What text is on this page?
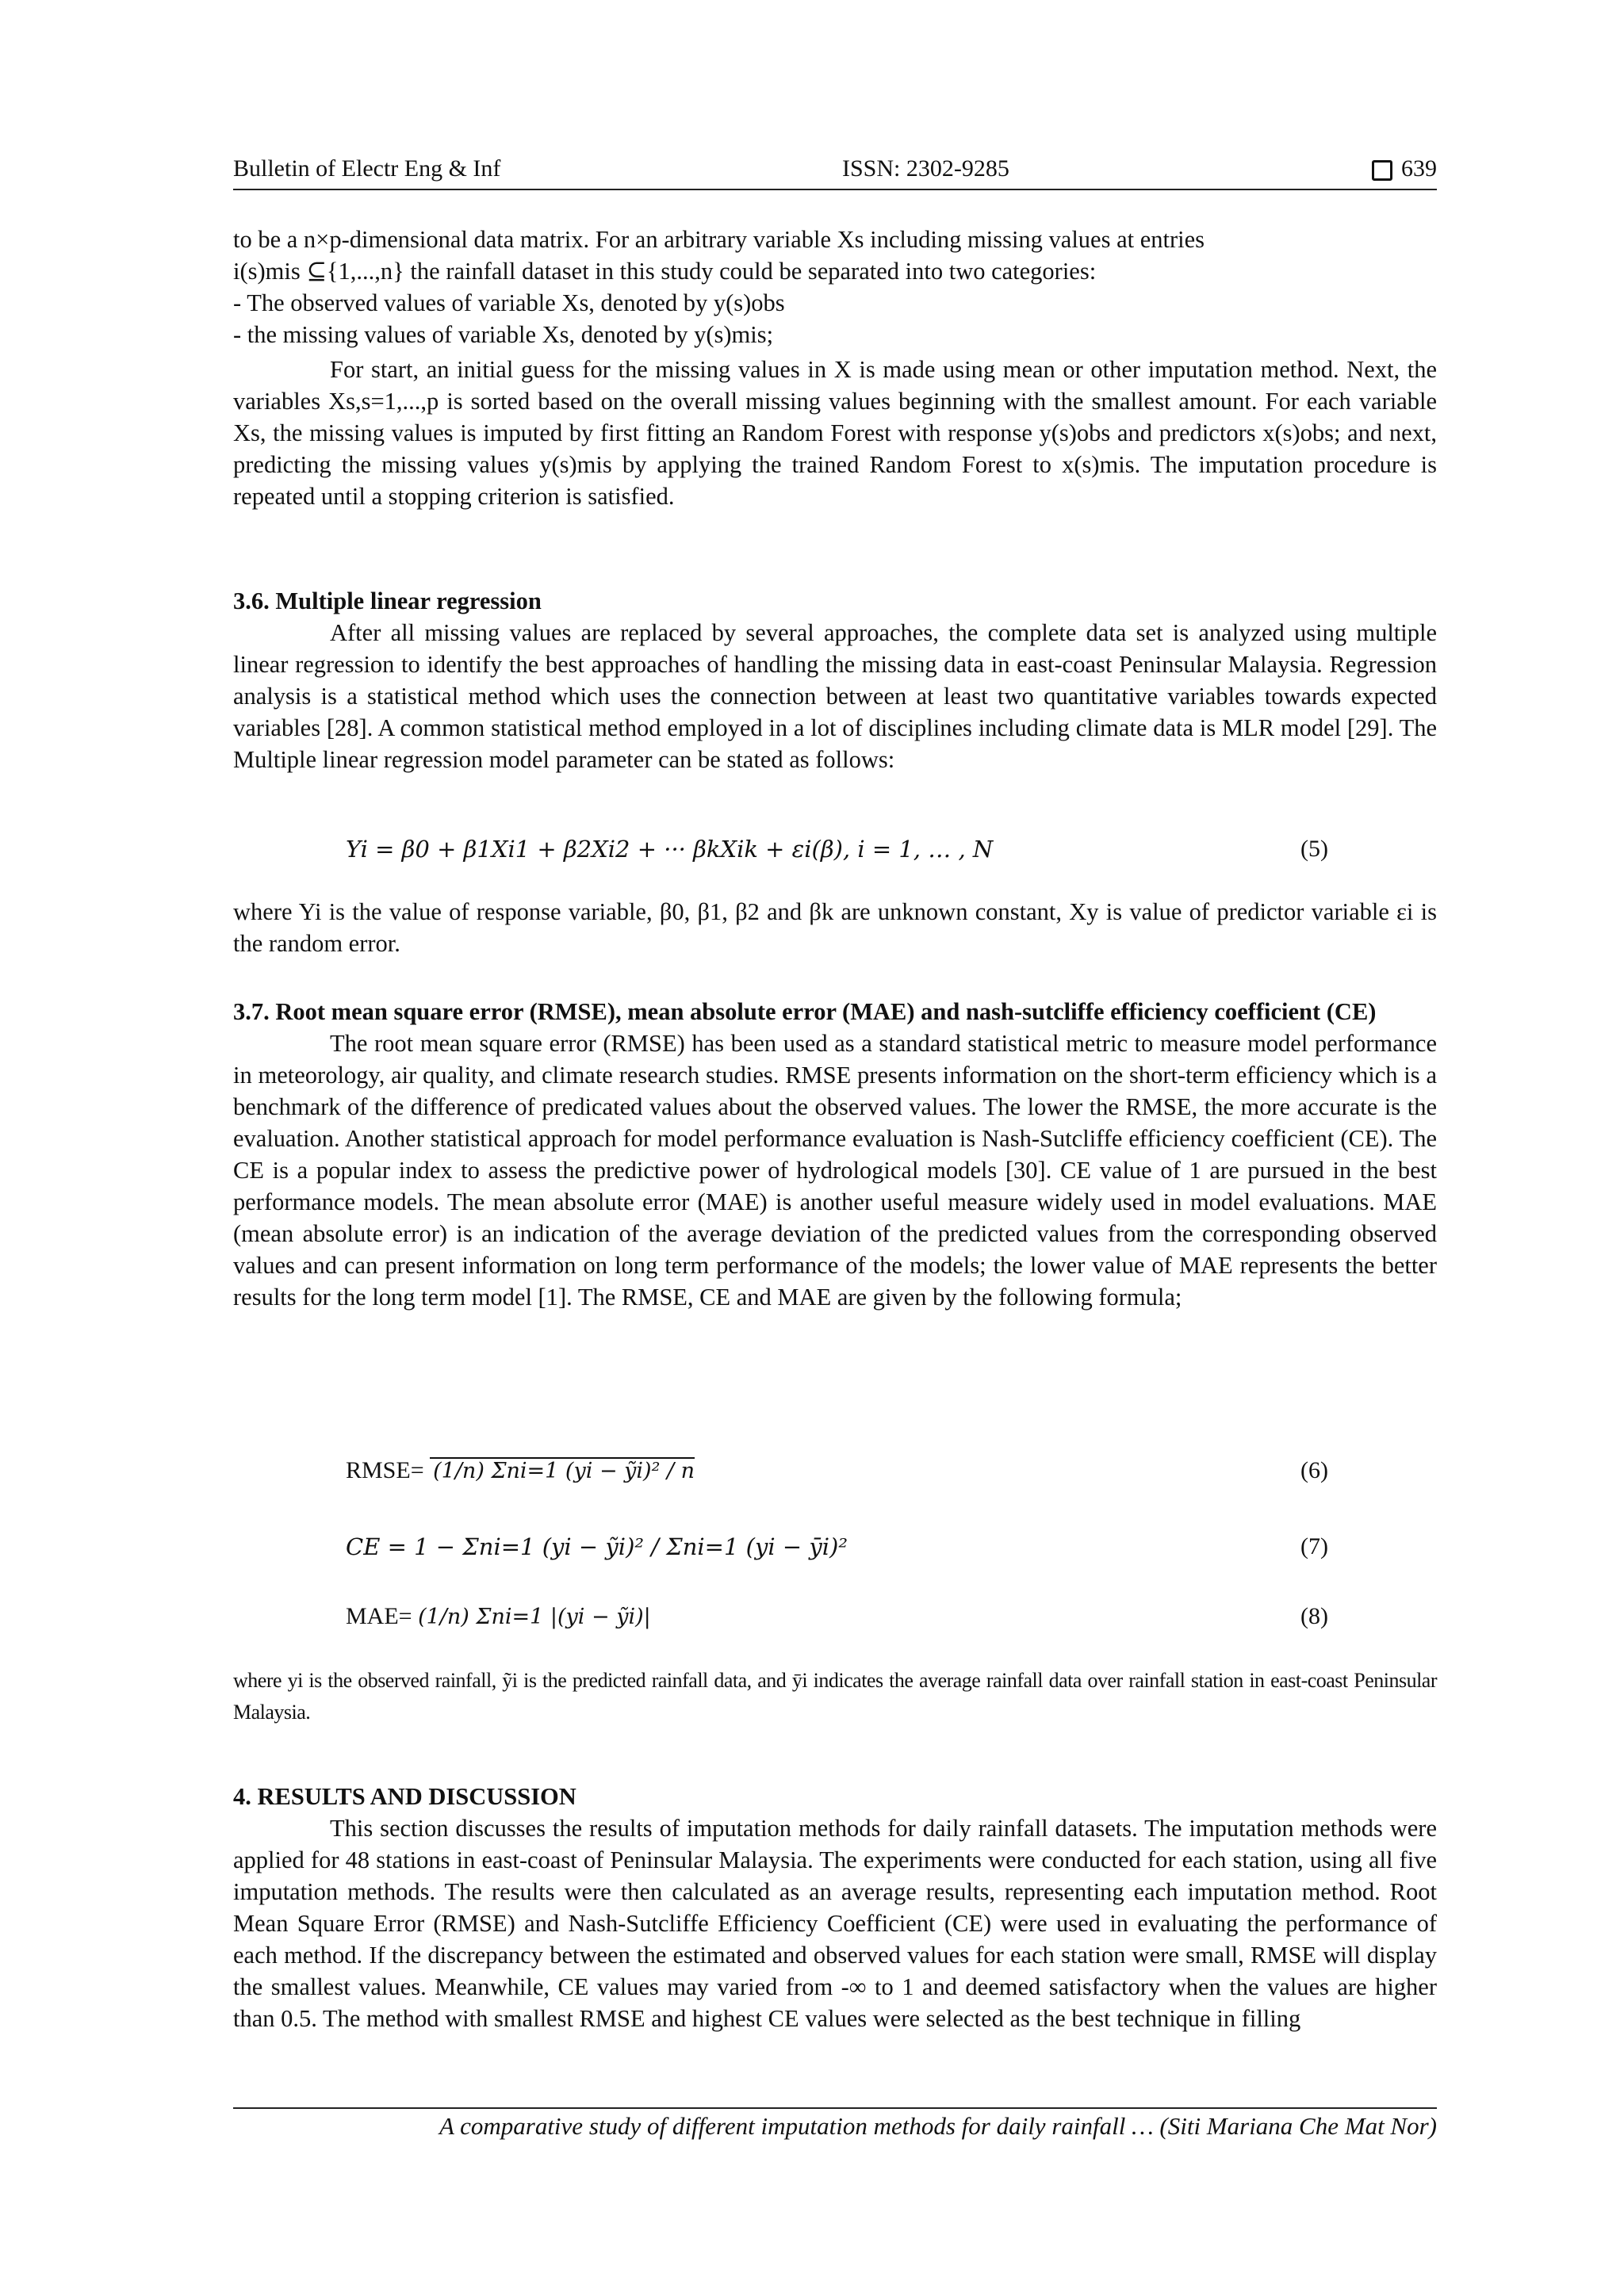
Bulletin of Electr Eng & Inf	ISSN: 2302-9285	639

to be a n×p-dimensional data matrix. For an arbitrary variable Xs including missing values at entries

i(s)mis ⊆{1,...,n} the rainfall dataset in this study could be separated into two categories:

- The observed values of variable Xs, denoted by y(s)obs

- the missing values of variable Xs, denoted by y(s)mis;

For start, an initial guess for the missing values in X is made using mean or other imputation method. Next, the variables Xs,s=1,...,p is sorted based on the overall missing values beginning with the smallest amount. For each variable Xs, the missing values is imputed by first fitting an Random Forest with response y(s)obs and predictors x(s)obs; and next, predicting the missing values y(s)mis by applying the trained Random Forest to x(s)mis. The imputation procedure is repeated until a stopping criterion is satisfied.

3.6. Multiple linear regression

After all missing values are replaced by several approaches, the complete data set is analyzed using multiple linear regression to identify the best approaches of handling the missing data in east-coast Peninsular Malaysia. Regression analysis is a statistical method which uses the connection between at least two quantitative variables towards expected variables [28]. A common statistical method employed in a lot of disciplines including climate data is MLR model [29]. The Multiple linear regression model parameter can be stated as follows:

Yi = β0 + β1Xi1 + β2Xi2 + ··· βkXik + εi(β), i = 1, … , N	(5)

where Yi is the value of response variable, β0, β1, β2 and βk are unknown constant, Xy is value of predictor variable εi is the random error.

3.7. Root mean square error (RMSE), mean absolute error (MAE) and nash-sutcliffe efficiency coefficient (CE)

The root mean square error (RMSE) has been used as a standard statistical metric to measure model performance in meteorology, air quality, and climate research studies. RMSE presents information on the short-term efficiency which is a benchmark of the difference of predicated values about the observed values. The lower the RMSE, the more accurate is the evaluation. Another statistical approach for model performance evaluation is Nash-Sutcliffe efficiency coefficient (CE). The CE is a popular index to assess the predictive power of hydrological models [30]. CE value of 1 are pursued in the best performance models. The mean absolute error (MAE) is another useful measure widely used in model evaluations. MAE (mean absolute error) is an indication of the average deviation of the predicted values from the corresponding observed values and can present information on long term performance of the models; the lower value of MAE represents the better results for the long term model [1]. The RMSE, CE and MAE are given by the following formula;

RMSE= (1/n) Σni=1 (yi − ỹi)² / n	(6)
CE = 1 − Σni=1 (yi − ỹi)² / Σni=1 (yi − ȳi)²	(7)
MAE= (1/n) Σni=1 |(yi − ỹi)|	(8)

where yi is the observed rainfall, ỹi is the predicted rainfall data, and ȳi indicates the average rainfall data over rainfall station in east-coast Peninsular Malaysia.

4. RESULTS AND DISCUSSION

This section discusses the results of imputation methods for daily rainfall datasets. The imputation methods were applied for 48 stations in east-coast of Peninsular Malaysia. The experiments were conducted for each station, using all five imputation methods. The results were then calculated as an average results, representing each imputation method. Root Mean Square Error (RMSE) and Nash-Sutcliffe Efficiency Coefficient (CE) were used in evaluating the performance of each method. If the discrepancy between the estimated and observed values for each station were small, RMSE will display the smallest values. Meanwhile, CE values may varied from -∞ to 1 and deemed satisfactory when the values are higher than 0.5. The method with smallest RMSE and highest CE values were selected as the best technique in filling

A comparative study of different imputation methods for daily rainfall … (Siti Mariana Che Mat Nor)
